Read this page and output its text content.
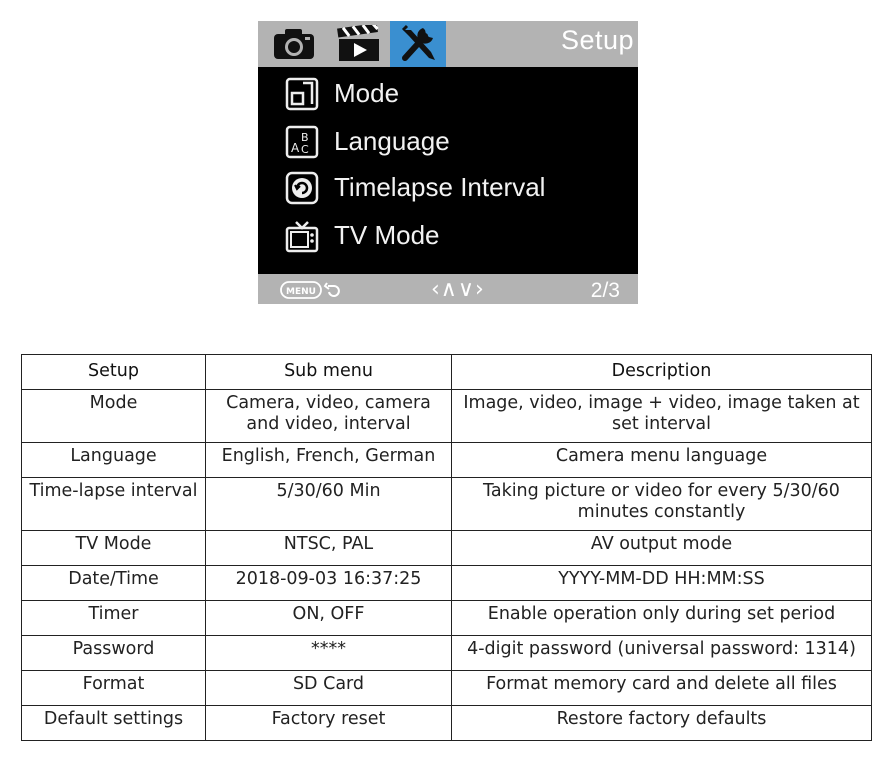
Setup
Mode
A
B
C Language
Timelapse Interval
TV Mode
MENU	‹∧∨›	2/3
Setup	Sub menu	Description
Mode	Camera, video, camera and video, interval	Image, video, image + video, image taken at set interval
Language	English, French, German	Camera menu language
Time-lapse interval	5/30/60 Min	Taking picture or video for every 5/30/60 minutes constantly
TV Mode	NTSC, PAL	AV output mode
Date/Time	2018-09-03 16:37:25	YYYY-MM-DD HH:MM:SS
Timer	ON, OFF	Enable operation only during set period
Password	****	4-digit password (universal password: 1314)
Format	SD Card	Format memory card and delete all files
Default settings	Factory reset	Restore factory defaults
